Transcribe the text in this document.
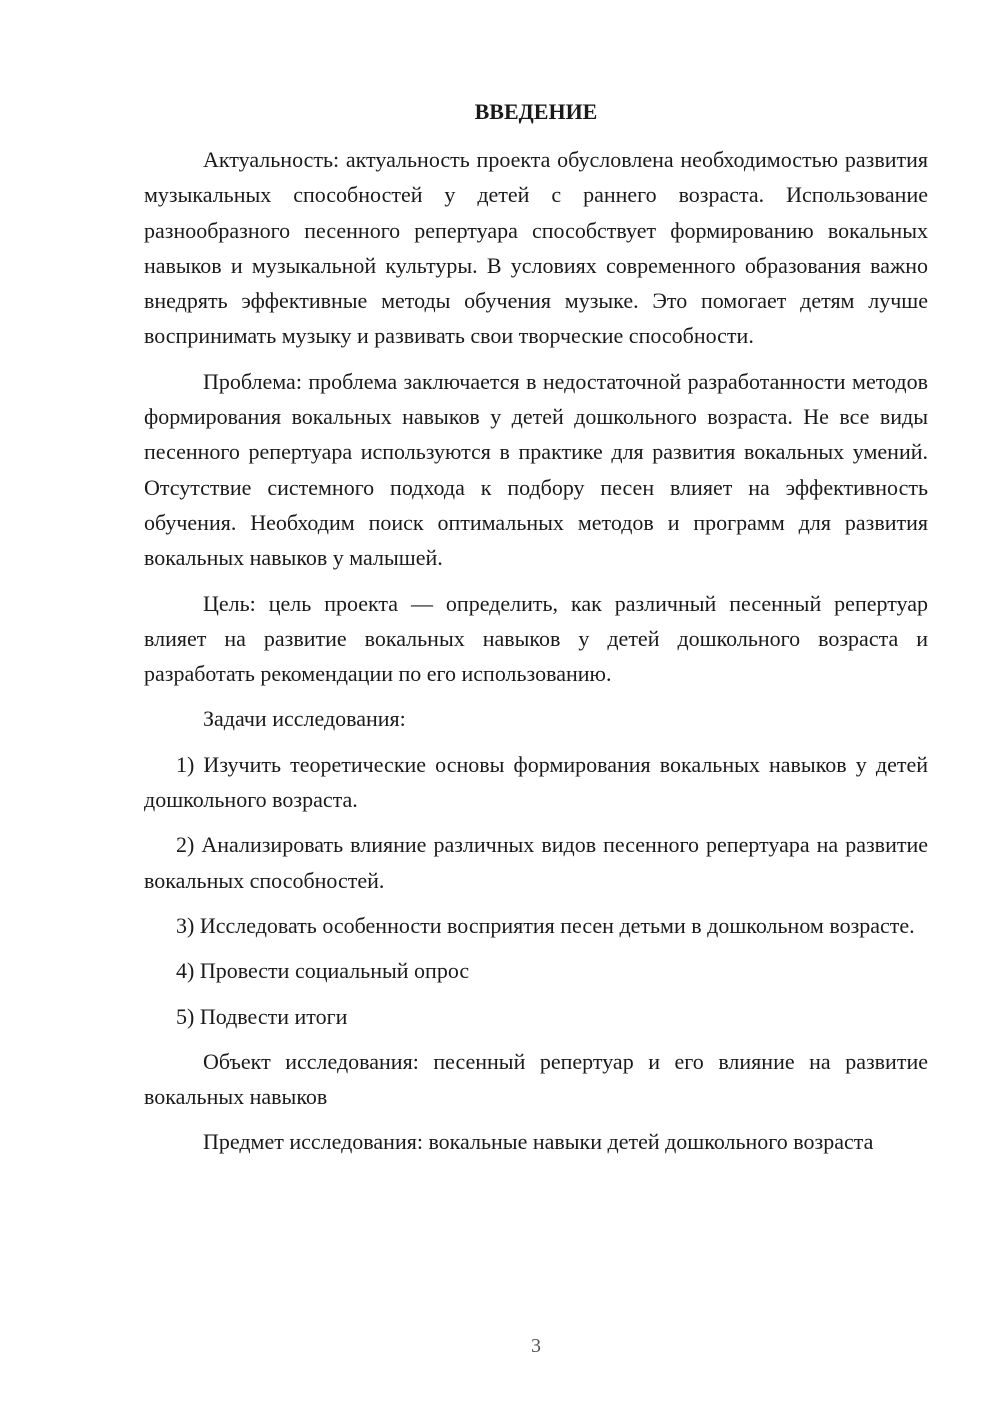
ВВЕДЕНИЕ

Актуальность: актуальность проекта обусловлена необходимостью развития музыкальных способностей у детей с раннего возраста. Использование разнообразного песенного репертуара способствует формированию вокальных навыков и музыкальной культуры. В условиях современного образования важно внедрять эффективные методы обучения музыке. Это помогает детям лучше воспринимать музыку и развивать свои творческие способности.

Проблема: проблема заключается в недостаточной разработанности методов формирования вокальных навыков у детей дошкольного возраста. Не все виды песенного репертуара используются в практике для развития вокальных умений. Отсутствие системного подхода к подбору песен влияет на эффективность обучения. Необходим поиск оптимальных методов и программ для развития вокальных навыков у малышей.

Цель: цель проекта — определить, как различный песенный репертуар влияет на развитие вокальных навыков у детей дошкольного возраста и разработать рекомендации по его использованию.

Задачи исследования:

1) Изучить теоретические основы формирования вокальных навыков у детей дошкольного возраста.

2) Анализировать влияние различных видов песенного репертуара на развитие вокальных способностей.

3) Исследовать особенности восприятия песен детьми в дошкольном возрасте.

4) Провести социальный опрос

5) Подвести итоги

Объект исследования: песенный репертуар и его влияние на развитие вокальных навыков

Предмет исследования: вокальные навыки детей дошкольного возраста

3
